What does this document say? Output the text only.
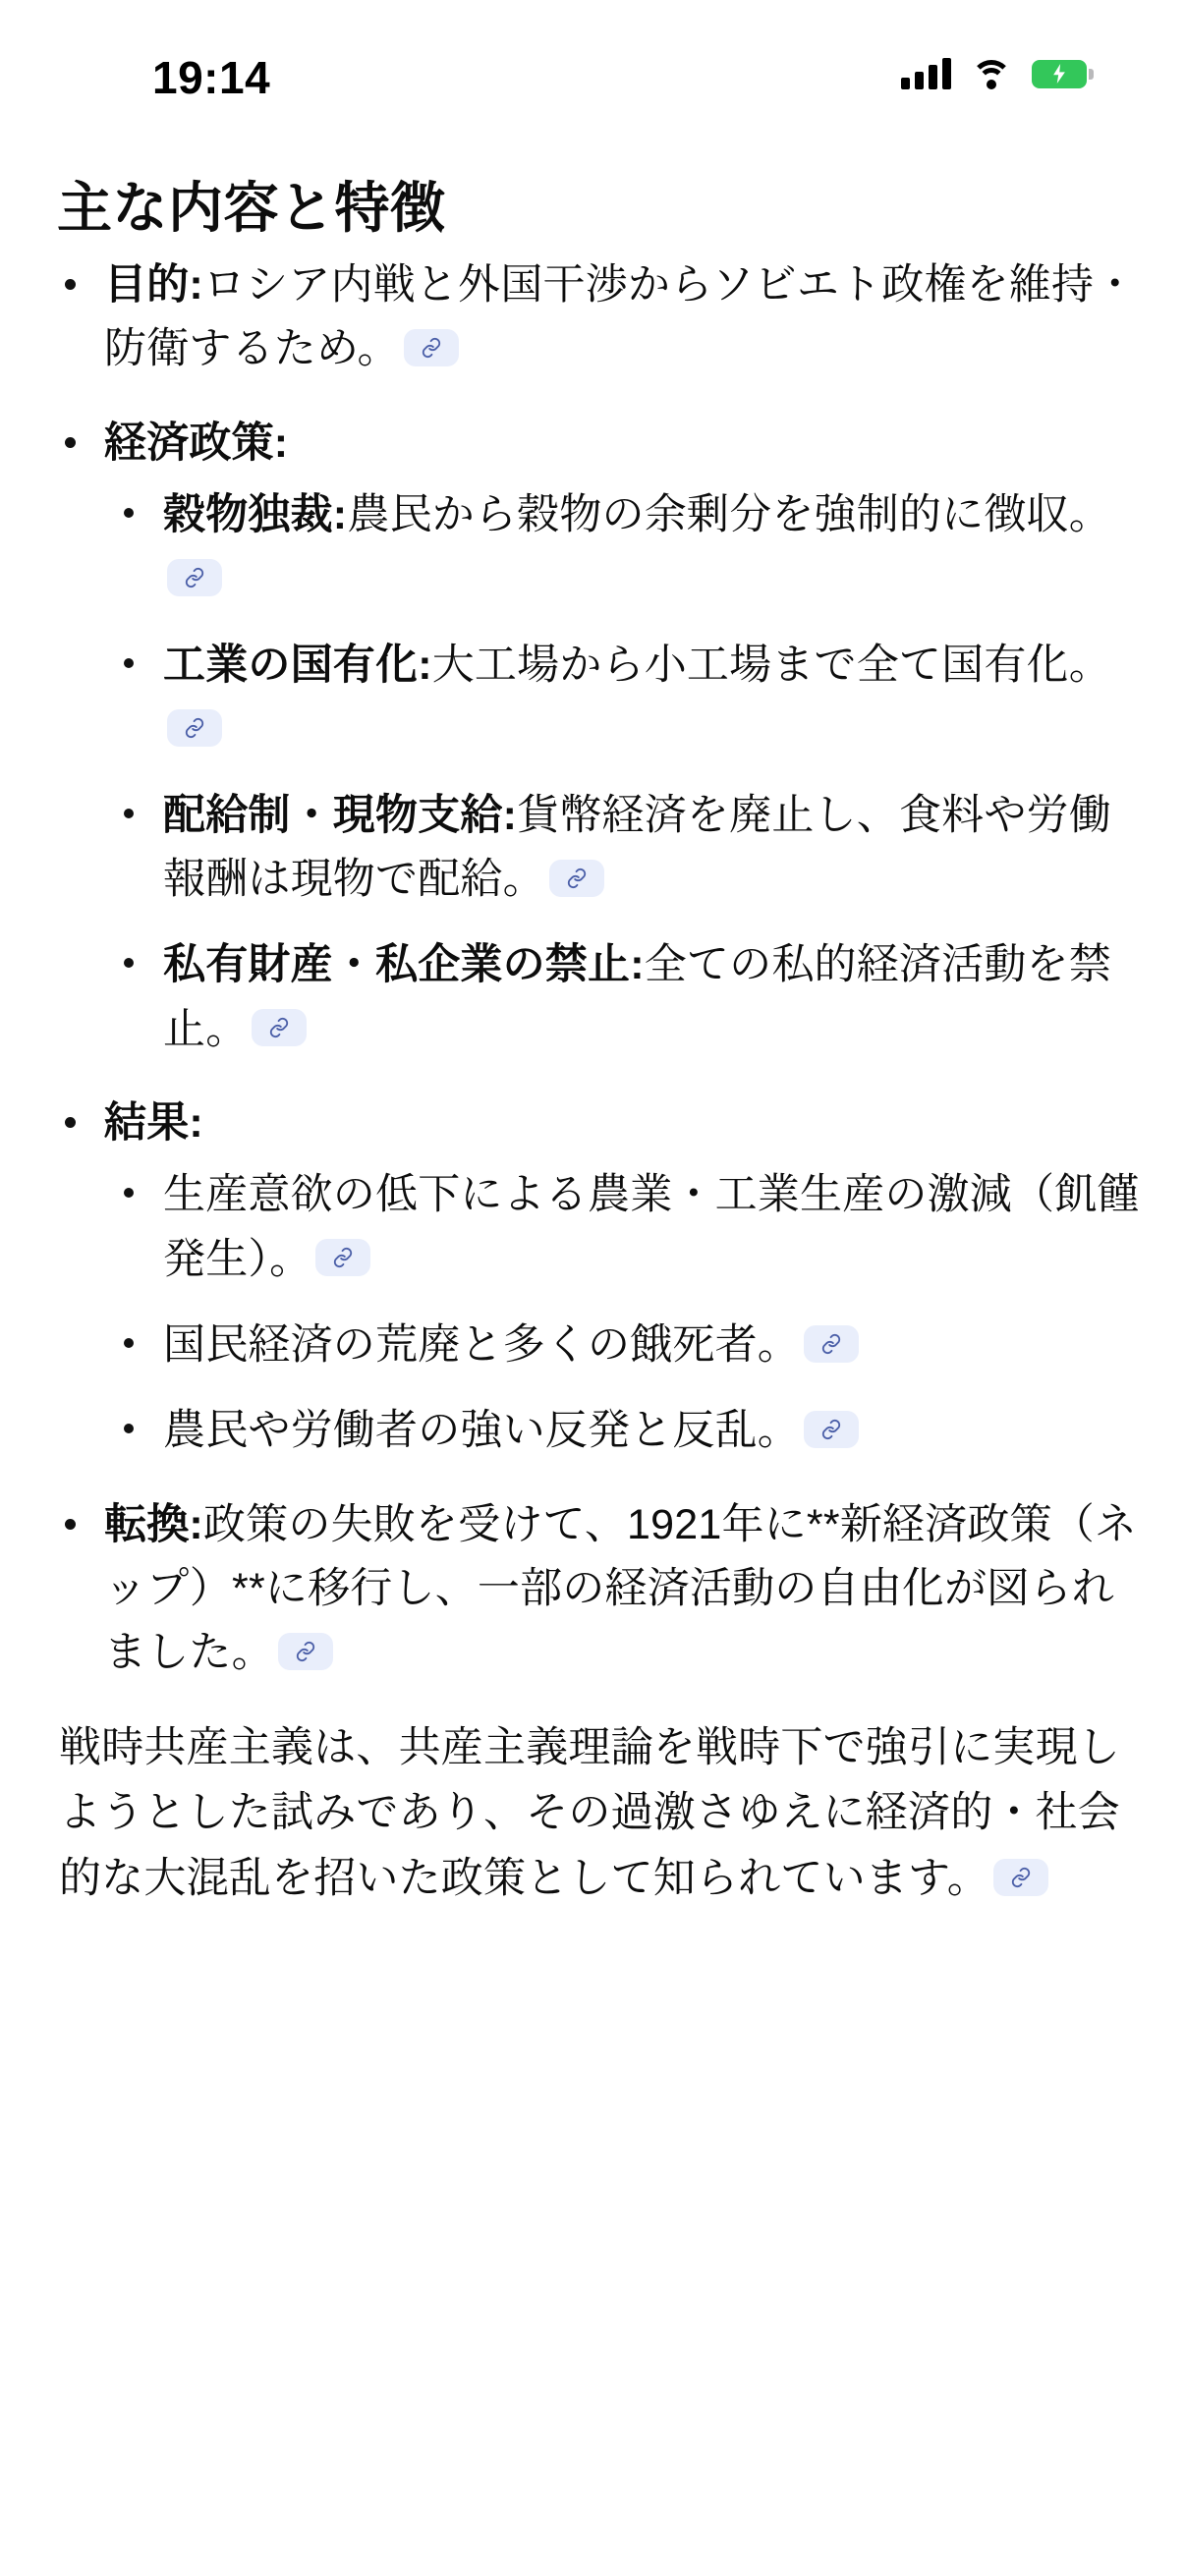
19:14
主な内容と特徴
目的:ロシア内戦と外国干渉からソビエト政権を維持・防衛するため。
経済政策:
穀物独裁:農民から穀物の余剰分を強制的に徴収。
工業の国有化:大工場から小工場まで全て国有化。
配給制・現物支給:貨幣経済を廃止し、食料や労働報酬は現物で配給。
私有財産・私企業の禁止:全ての私的経済活動を禁止。
結果:
生産意欲の低下による農業・工業生産の激減（飢饉発生）。
国民経済の荒廃と多くの餓死者。
農民や労働者の強い反発と反乱。
転換:政策の失敗を受けて、1921年に**新経済政策（ネップ）**に移行し、一部の経済活動の自由化が図られました。

戦時共産主義は、共産主義理論を戦時下で強引に実現しようとした試みであり、その過激さゆえに経済的・社会的な大混乱を招いた政策として知られています。
